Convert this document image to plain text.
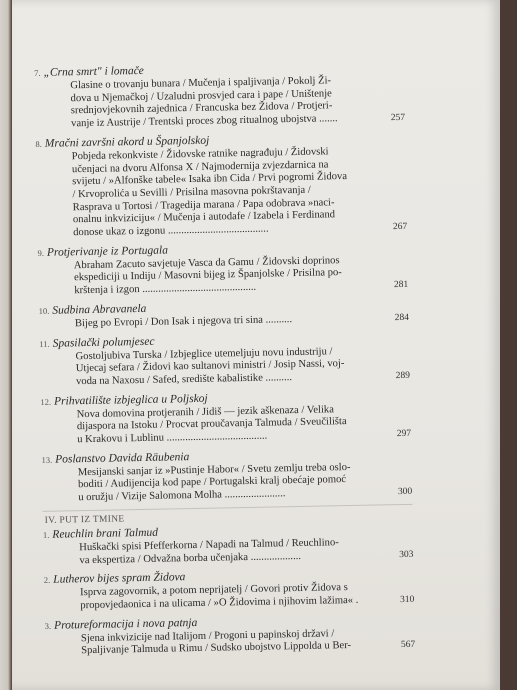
7. „Crna smrt" i lomače
Glasine o trovanju bunara / Mučenja i spaljivanja / Pokolj Ži-
dova u Njemačkoj / Uzaludni prosvjed cara i pape / Uništenje
srednjovjekovnih zajednica / Francuska bez Židova / Protjeri-
vanje iz Austrije / Trentski proces zbog ritualnog ubojstva .......	257
8. Mračni završni akord u Španjolskoj
Pobjeda rekonkviste / Židovske ratnike nagrađuju / Židovski
učenjaci na dvoru Alfonsa X / Najmodernija zvjezdarnica na
svijetu / »Alfonške tabele« Isaka ibn Cida / Prvi pogromi Židova
/ Krvoprolića u Sevilli / Prisilna masovna pokrštavanja /
Rasprava u Tortosi / Tragedija marana / Papa odobrava »naci-
onalnu inkviziciju« / Mučenja i autodafe / Izabela i Ferdinand
donose ukaz o izgonu ......................................	267
9. Protjerivanje iz Portugala
Abraham Zacuto savjetuje Vasca da Gamu / Židovski doprinos
ekspediciji u Indiju / Masovni bijeg iz Španjolske / Prisilna po-
krštenja i izgon ...........................................	281
10. Sudbina Abravanela
Bijeg po Evropi / Don Isak i njegova tri sina ..........	284
11. Spasilački polumjesec
Gostoljubiva Turska / Izbjeglice utemeljuju novu industriju /
Utjecaj sefara / Židovi kao sultanovi ministri / Josip Nassi, voj-
voda na Naxosu / Safed, središte kabalistike ..........	289
12. Prihvatilište izbjeglica u Poljskoj
Nova domovina protjeranih / Jidiš — jezik aškenaza / Velika
dijaspora na Istoku / Procvat proučavanja Talmuda / Sveučilišta
u Krakovu i Lublinu ......................................	297
13. Poslanstvo Davida Räubenia
Mesijanski sanjar iz »Pustinje Habor« / Svetu zemlju treba oslo-
boditi / Audijencija kod pape / Portugalski kralj obećaje pomoć
u oružju / Vizije Salomona Molha .......................	300
IV. PUT IZ TMINE
1. Reuchlin brani Talmud
Huškački spisi Pfefferkorna / Napadi na Talmud / Reuchlino-
va ekspertiza / Odvažna borba učenjaka ...................	303
2. Lutherov bijes spram Židova
Isprva zagovornik, a potom neprijatelj / Govori protiv Židova s
propovjedaonica i na ulicama / »O Židovima i njihovim lažima« .	310
3. Protureformacija i nova patnja
Sjena inkvizicije nad Italijom / Progoni u papinskoj državi /
Spaljivanje Talmuda u Rimu / Sudsko ubojstvo Lippolda u Ber-	567
